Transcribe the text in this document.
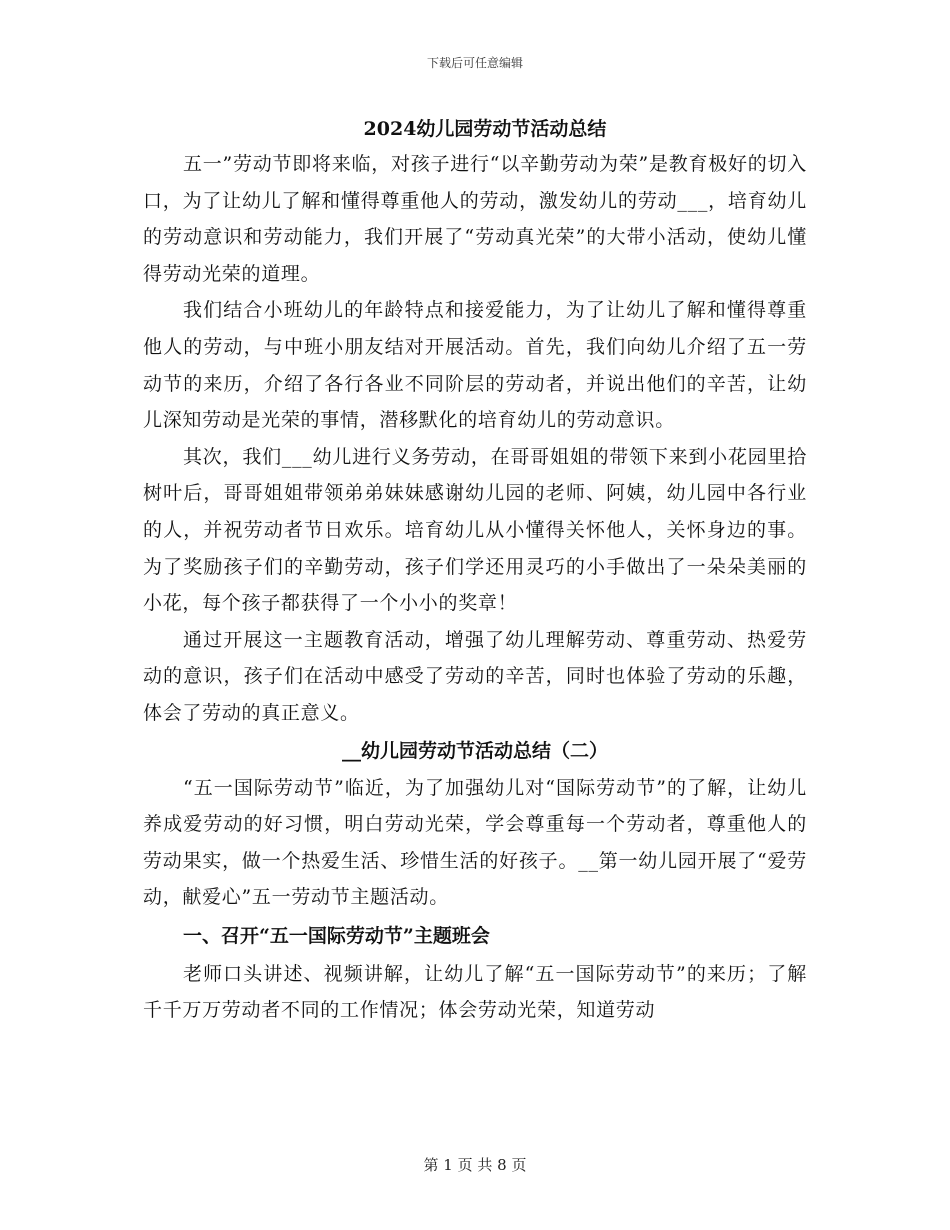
下载后可任意编辑
2024幼儿园劳动节活动总结

五一”劳动节即将来临，对孩子进行“以辛勤劳动为荣”是教育极好的切入口，为了让幼儿了解和懂得尊重他人的劳动，激发幼儿的劳动___，培育幼儿的劳动意识和劳动能力，我们开展了“劳动真光荣”的大带小活动，使幼儿懂得劳动光荣的道理。

我们结合小班幼儿的年龄特点和接爱能力，为了让幼儿了解和懂得尊重他人的劳动，与中班小朋友结对开展活动。首先，我们向幼儿介绍了五一劳动节的来历，介绍了各行各业不同阶层的劳动者，并说出他们的辛苦，让幼儿深知劳动是光荣的事情，潜移默化的培育幼儿的劳动意识。

其次，我们___幼儿进行义务劳动，在哥哥姐姐的带领下来到小花园里拾树叶后，哥哥姐姐带领弟弟妹妹感谢幼儿园的老师、阿姨，幼儿园中各行业的人，并祝劳动者节日欢乐。培育幼儿从小懂得关怀他人，关怀身边的事。为了奖励孩子们的辛勤劳动，孩子们学还用灵巧的小手做出了一朵朵美丽的小花，每个孩子都获得了一个小小的奖章！

通过开展这一主题教育活动，增强了幼儿理解劳动、尊重劳动、热爱劳动的意识，孩子们在活动中感受了劳动的辛苦，同时也体验了劳动的乐趣，体会了劳动的真正意义。

__幼儿园劳动节活动总结（二）

“五一国际劳动节”临近，为了加强幼儿对“国际劳动节”的了解，让幼儿养成爱劳动的好习惯，明白劳动光荣，学会尊重每一个劳动者，尊重他人的劳动果实，做一个热爱生活、珍惜生活的好孩子。__第一幼儿园开展了“爱劳动，献爱心”五一劳动节主题活动。

一、召开“五一国际劳动节”主题班会

老师口头讲述、视频讲解，让幼儿了解“五一国际劳动节”的来历；了解千千万万劳动者不同的工作情况；体会劳动光荣，知道劳动

第 1 页 共 8 页
